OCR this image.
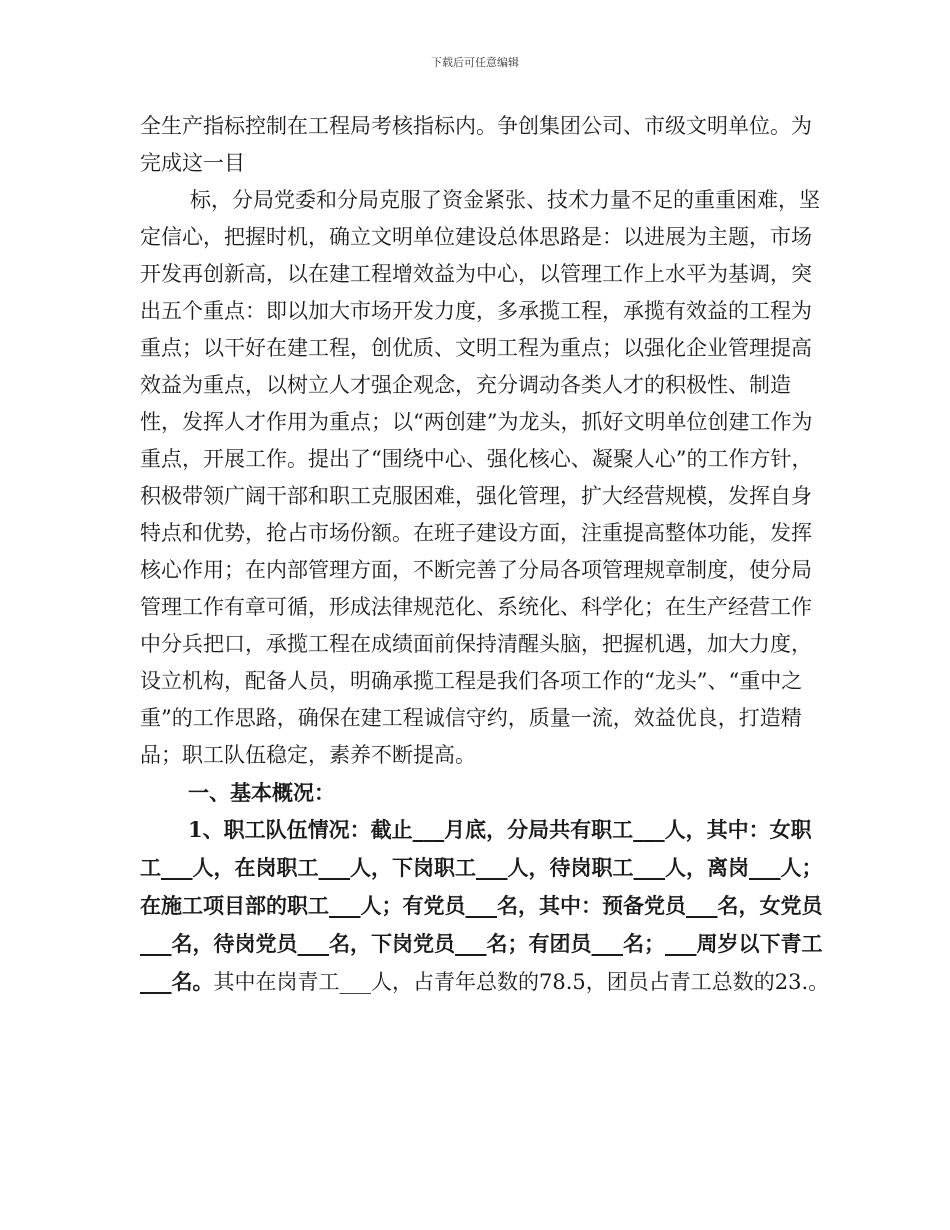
下载后可任意编辑

全生产指标控制在工程局考核指标内。争创集团公司、市级文明单位。为完成这一目

标，分局党委和分局克服了资金紧张、技术力量不足的重重困难，坚定信心，把握时机，确立文明单位建设总体思路是：以进展为主题，市场开发再创新高，以在建工程增效益为中心，以管理工作上水平为基调，突出五个重点：即以加大市场开发力度，多承揽工程，承揽有效益的工程为重点；以干好在建工程，创优质、文明工程为重点；以强化企业管理提高效益为重点，以树立人才强企观念，充分调动各类人才的积极性、制造性，发挥人才作用为重点；以“两创建”为龙头，抓好文明单位创建工作为重点，开展工作。提出了“围绕中心、强化核心、凝聚人心”的工作方针，积极带领广阔干部和职工克服困难，强化管理，扩大经营规模，发挥自身特点和优势，抢占市场份额。在班子建设方面，注重提高整体功能，发挥核心作用；在内部管理方面，不断完善了分局各项管理规章制度，使分局管理工作有章可循，形成法律规范化、系统化、科学化；在生产经营工作中分兵把口，承揽工程在成绩面前保持清醒头脑，把握机遇，加大力度，设立机构，配备人员，明确承揽工程是我们各项工作的“龙头”、“重中之重”的工作思路，确保在建工程诚信守约，质量一流，效益优良，打造精品；职工队伍稳定，素养不断提高。

一、基本概况：

1、职工队伍情况：截止___月底，分局共有职工___人，其中：女职工___人，在岗职工___人，下岗职工___人，待岗职工___人，离岗___人；在施工项目部的职工___人；有党员___名，其中：预备党员___名，女党员___名，待岗党员___名，下岗党员___名；有团员___名；___周岁以下青工___名。其中在岗青工___人，占青年总数的78.5，团员占青工总数的23.。
